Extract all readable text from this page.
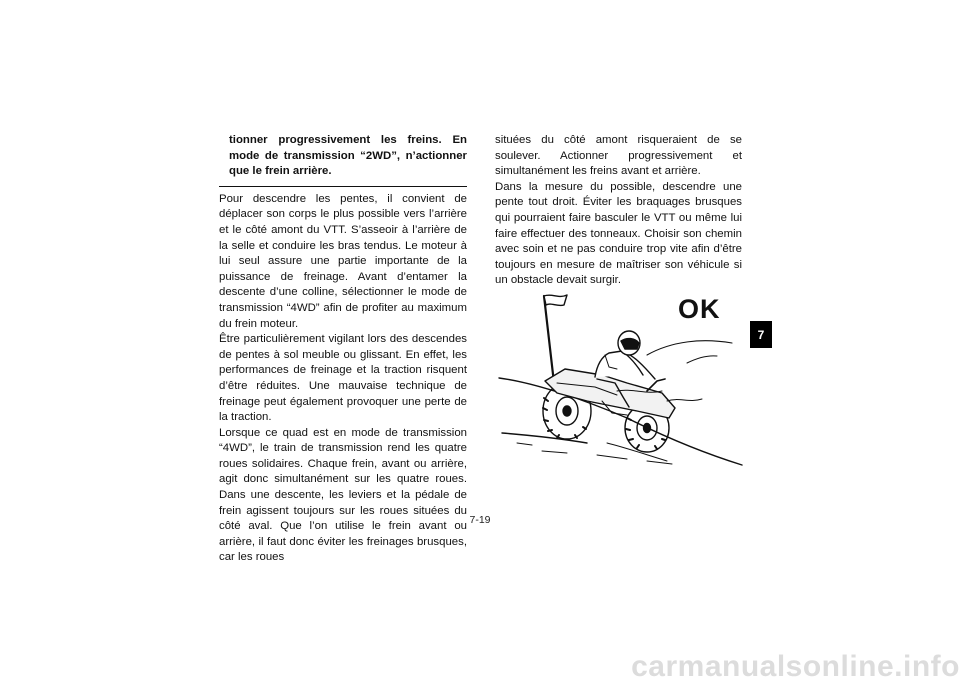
tionner progressivement les freins. En mode de transmission “2WD”, n’actionner que le frein arrière.

Pour descendre les pentes, il convient de déplacer son corps le plus possible vers l’arrière et le côté amont du VTT. S’asseoir à l’arrière de la selle et conduire les bras tendus. Le moteur à lui seul assure une partie importante de la puissance de freinage. Avant d’entamer la descente d’une colline, sélectionner le mode de transmission “4WD” afin de profiter au maximum du frein moteur.

Être particulièrement vigilant lors des descendes de pentes à sol meuble ou glissant. En effet, les performances de freinage et la traction risquent d’être réduites. Une mauvaise technique de freinage peut également provoquer une perte de la traction.

Lorsque ce quad est en mode de transmission “4WD”, le train de transmission rend les quatre roues solidaires. Chaque frein, avant ou arrière, agit donc simultanément sur les quatre roues. Dans une descente, les leviers et la pédale de frein agissent toujours sur les roues situées du côté aval. Que l’on utilise le frein avant ou arrière, il faut donc éviter les freinages brusques, car les roues

situées du côté amont risqueraient de se soulever. Actionner progressivement et simultanément les freins avant et arrière.

Dans la mesure du possible, descendre une pente tout droit. Éviter les braquages brusques qui pourraient faire basculer le VTT ou même lui faire effectuer des tonneaux. Choisir son chemin avec soin et ne pas conduire trop vite afin d’être toujours en mesure de maîtriser son véhicule si un obstacle devait surgir.

OK
7
7-19
carmanualsonline.info
